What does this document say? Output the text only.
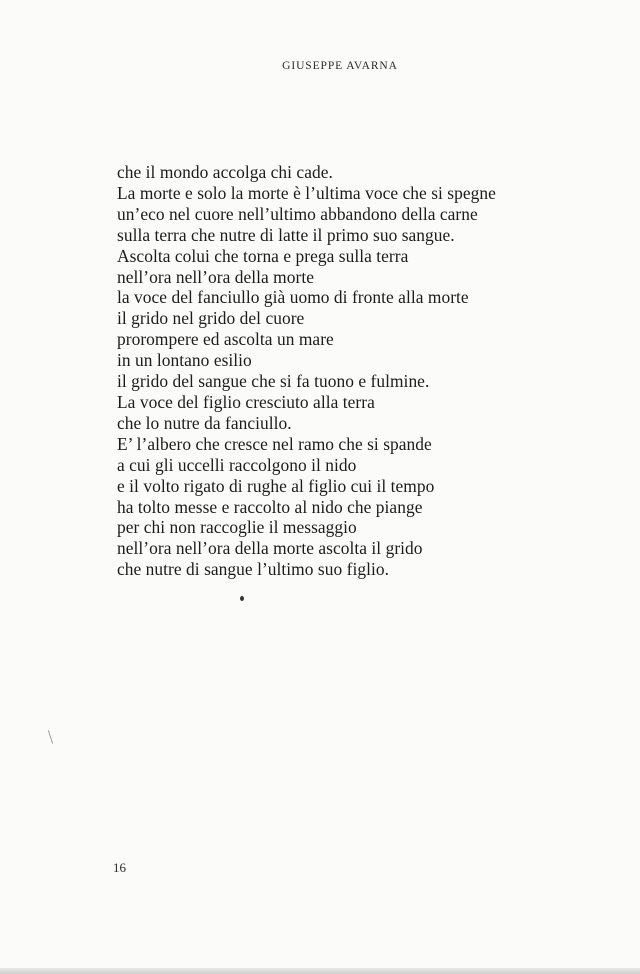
GIUSEPPE AVARNA
che il mondo accolga chi cade.
La morte e solo la morte è l’ultima voce che si spegne
un’eco nel cuore nell’ultimo abbandono della carne
sulla terra che nutre di latte il primo suo sangue.
Ascolta colui che torna e prega sulla terra
nell’ora nell’ora della morte
la voce del fanciullo già uomo di fronte alla morte
il grido nel grido del cuore
prorompere ed ascolta un mare
in un lontano esilio
il grido del sangue che si fa tuono e fulmine.
La voce del figlio cresciuto alla terra
che lo nutre da fanciullo.
E’ l’albero che cresce nel ramo che si spande
a cui gli uccelli raccolgono il nido
e il volto rigato di rughe al figlio cui il tempo
ha tolto messe e raccolto al nido che piange
per chi non raccoglie il messaggio
nell’ora nell’ora della morte ascolta il grido
che nutre di sangue l’ultimo suo figlio.
16
